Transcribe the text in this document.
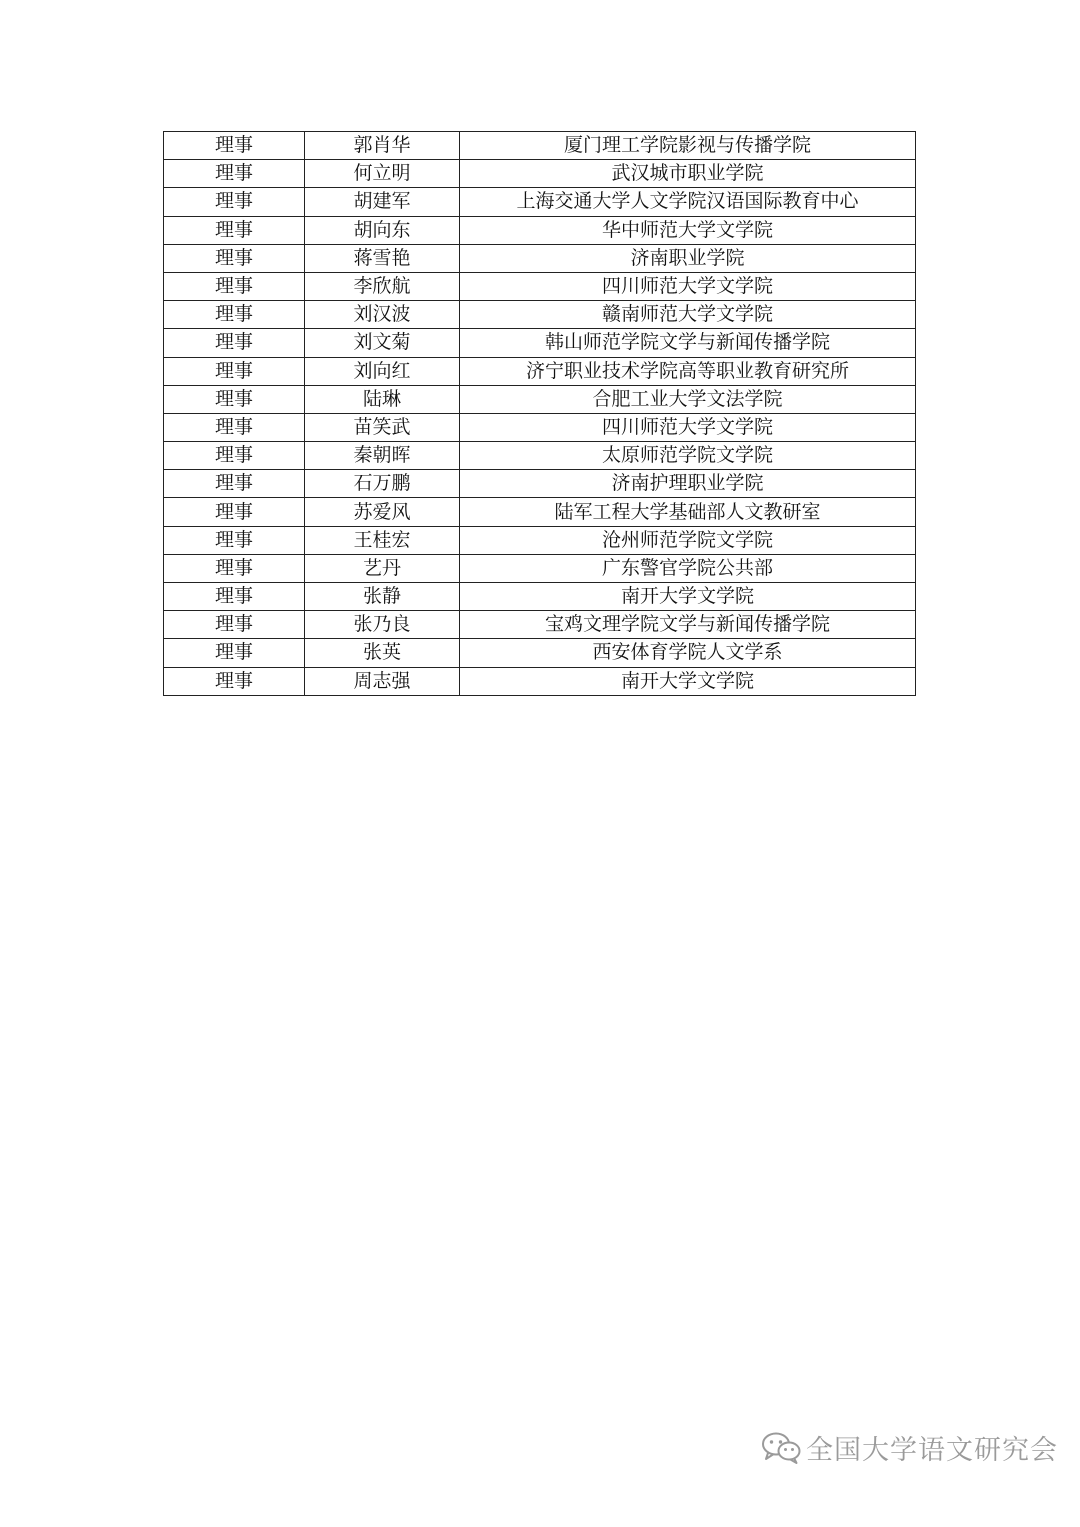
理事	郭肖华	厦门理工学院影视与传播学院
理事	何立明	武汉城市职业学院
理事	胡建军	上海交通大学人文学院汉语国际教育中心
理事	胡向东	华中师范大学文学院
理事	蒋雪艳	济南职业学院
理事	李欣航	四川师范大学文学院
理事	刘汉波	赣南师范大学文学院
理事	刘文菊	韩山师范学院文学与新闻传播学院
理事	刘向红	济宁职业技术学院高等职业教育研究所
理事	陆琳	合肥工业大学文法学院
理事	苗笑武	四川师范大学文学院
理事	秦朝晖	太原师范学院文学院
理事	石万鹏	济南护理职业学院
理事	苏爱风	陆军工程大学基础部人文教研室
理事	王桂宏	沧州师范学院文学院
理事	艺丹	广东警官学院公共部
理事	张静	南开大学文学院
理事	张乃良	宝鸡文理学院文学与新闻传播学院
理事	张英	西安体育学院人文学系
理事	周志强	南开大学文学院
全国大学语文研究会
